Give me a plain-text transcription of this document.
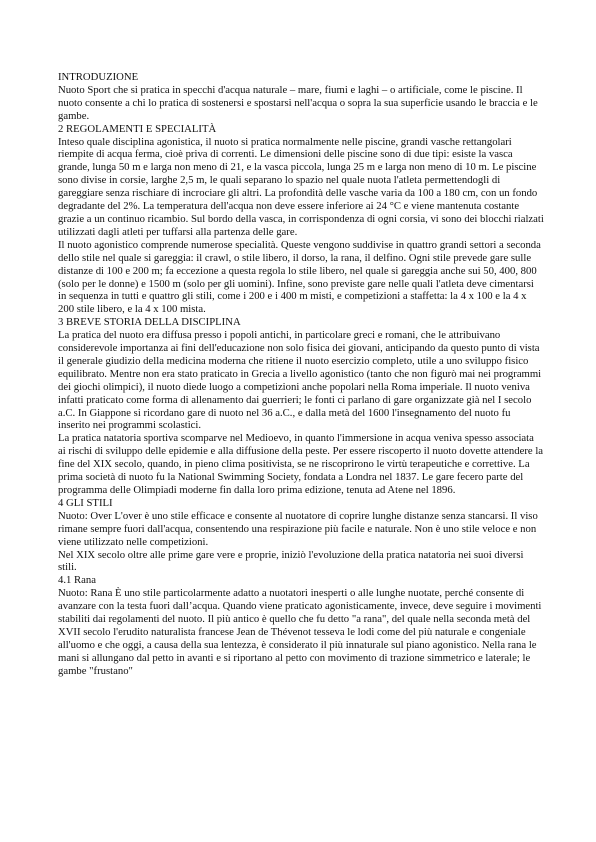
INTRODUZIONE

Nuoto Sport che si pratica in specchi d'acqua naturale – mare, fiumi e laghi – o artificiale, come le piscine. Il nuoto consente a chi lo pratica di sostenersi e spostarsi nell'acqua o sopra la sua superficie usando le braccia e le gambe.

2 REGOLAMENTI E SPECIALITÀ

Inteso quale disciplina agonistica, il nuoto si pratica normalmente nelle piscine, grandi vasche rettangolari riempite di acqua ferma, cioè priva di correnti. Le dimensioni delle piscine sono di due tipi: esiste la vasca grande, lunga 50 m e larga non meno di 21, e la vasca piccola, lunga 25 m e larga non meno di 10 m. Le piscine sono divise in corsie, larghe 2,5 m, le quali separano lo spazio nel quale nuota l'atleta permettendogli di gareggiare senza rischiare di incrociare gli altri. La profondità delle vasche varia da 100 a 180 cm, con un fondo degradante del 2%. La temperatura dell'acqua non deve essere inferiore ai 24 °C e viene mantenuta costante grazie a un continuo ricambio. Sul bordo della vasca, in corrispondenza di ogni corsia, vi sono dei blocchi rialzati utilizzati dagli atleti per tuffarsi alla partenza delle gare.

Il nuoto agonistico comprende numerose specialità. Queste vengono suddivise in quattro grandi settori a seconda dello stile nel quale si gareggia: il crawl, o stile libero, il dorso, la rana, il delfino. Ogni stile prevede gare sulle distanze di 100 e 200 m; fa eccezione a questa regola lo stile libero, nel quale si gareggia anche sui 50, 400, 800 (solo per le donne) e 1500 m (solo per gli uomini). Infine, sono previste gare nelle quali l'atleta deve cimentarsi in sequenza in tutti e quattro gli stili, come i 200 e i 400 m misti, e competizioni a staffetta: la 4 x 100 e la 4 x 200 stile libero, e la 4 x 100 mista.

3 BREVE STORIA DELLA DISCIPLINA

La pratica del nuoto era diffusa presso i popoli antichi, in particolare greci e romani, che le attribuivano considerevole importanza ai fini dell'educazione non solo fisica dei giovani, anticipando da questo punto di vista il generale giudizio della medicina moderna che ritiene il nuoto esercizio completo, utile a uno sviluppo fisico equilibrato. Mentre non era stato praticato in Grecia a livello agonistico (tanto che non figurò mai nei programmi dei giochi olimpici), il nuoto diede luogo a competizioni anche popolari nella Roma imperiale. Il nuoto veniva infatti praticato come forma di allenamento dai guerrieri; le fonti ci parlano di gare organizzate già nel I secolo a.C. In Giappone si ricordano gare di nuoto nel 36 a.C., e dalla metà del 1600 l'insegnamento del nuoto fu inserito nei programmi scolastici.

La pratica natatoria sportiva scomparve nel Medioevo, in quanto l'immersione in acqua veniva spesso associata ai rischi di sviluppo delle epidemie e alla diffusione della peste. Per essere riscoperto il nuoto dovette attendere la fine del XIX secolo, quando, in pieno clima positivista, se ne riscoprirono le virtù terapeutiche e correttive. La prima società di nuoto fu la National Swimming Society, fondata a Londra nel 1837. Le gare fecero parte del programma delle Olimpiadi moderne fin dalla loro prima edizione, tenuta ad Atene nel 1896.

4 GLI STILI

Nuoto: Over L'over è uno stile efficace e consente al nuotatore di coprire lunghe distanze senza stancarsi. Il viso rimane sempre fuori dall'acqua, consentendo una respirazione più facile e naturale. Non è uno stile veloce e non viene utilizzato nelle competizioni.

Nel XIX secolo oltre alle prime gare vere e proprie, iniziò l'evoluzione della pratica natatoria nei suoi diversi stili.

4.1 Rana

Nuoto: Rana È uno stile particolarmente adatto a nuotatori inesperti o alle lunghe nuotate, perché consente di avanzare con la testa fuori dall’acqua. Quando viene praticato agonisticamente, invece, deve seguire i movimenti stabiliti dai regolamenti del nuoto. Il più antico è quello che fu detto "a rana", del quale nella seconda metà del XVII secolo l'erudito naturalista francese Jean de Thévenot tesseva le lodi come del più naturale e congeniale all'uomo e che oggi, a causa della sua lentezza, è considerato il più innaturale sul piano agonistico. Nella rana le mani si allungano dal petto in avanti e si riportano al petto con movimento di trazione simmetrico e laterale; le gambe "frustano"
